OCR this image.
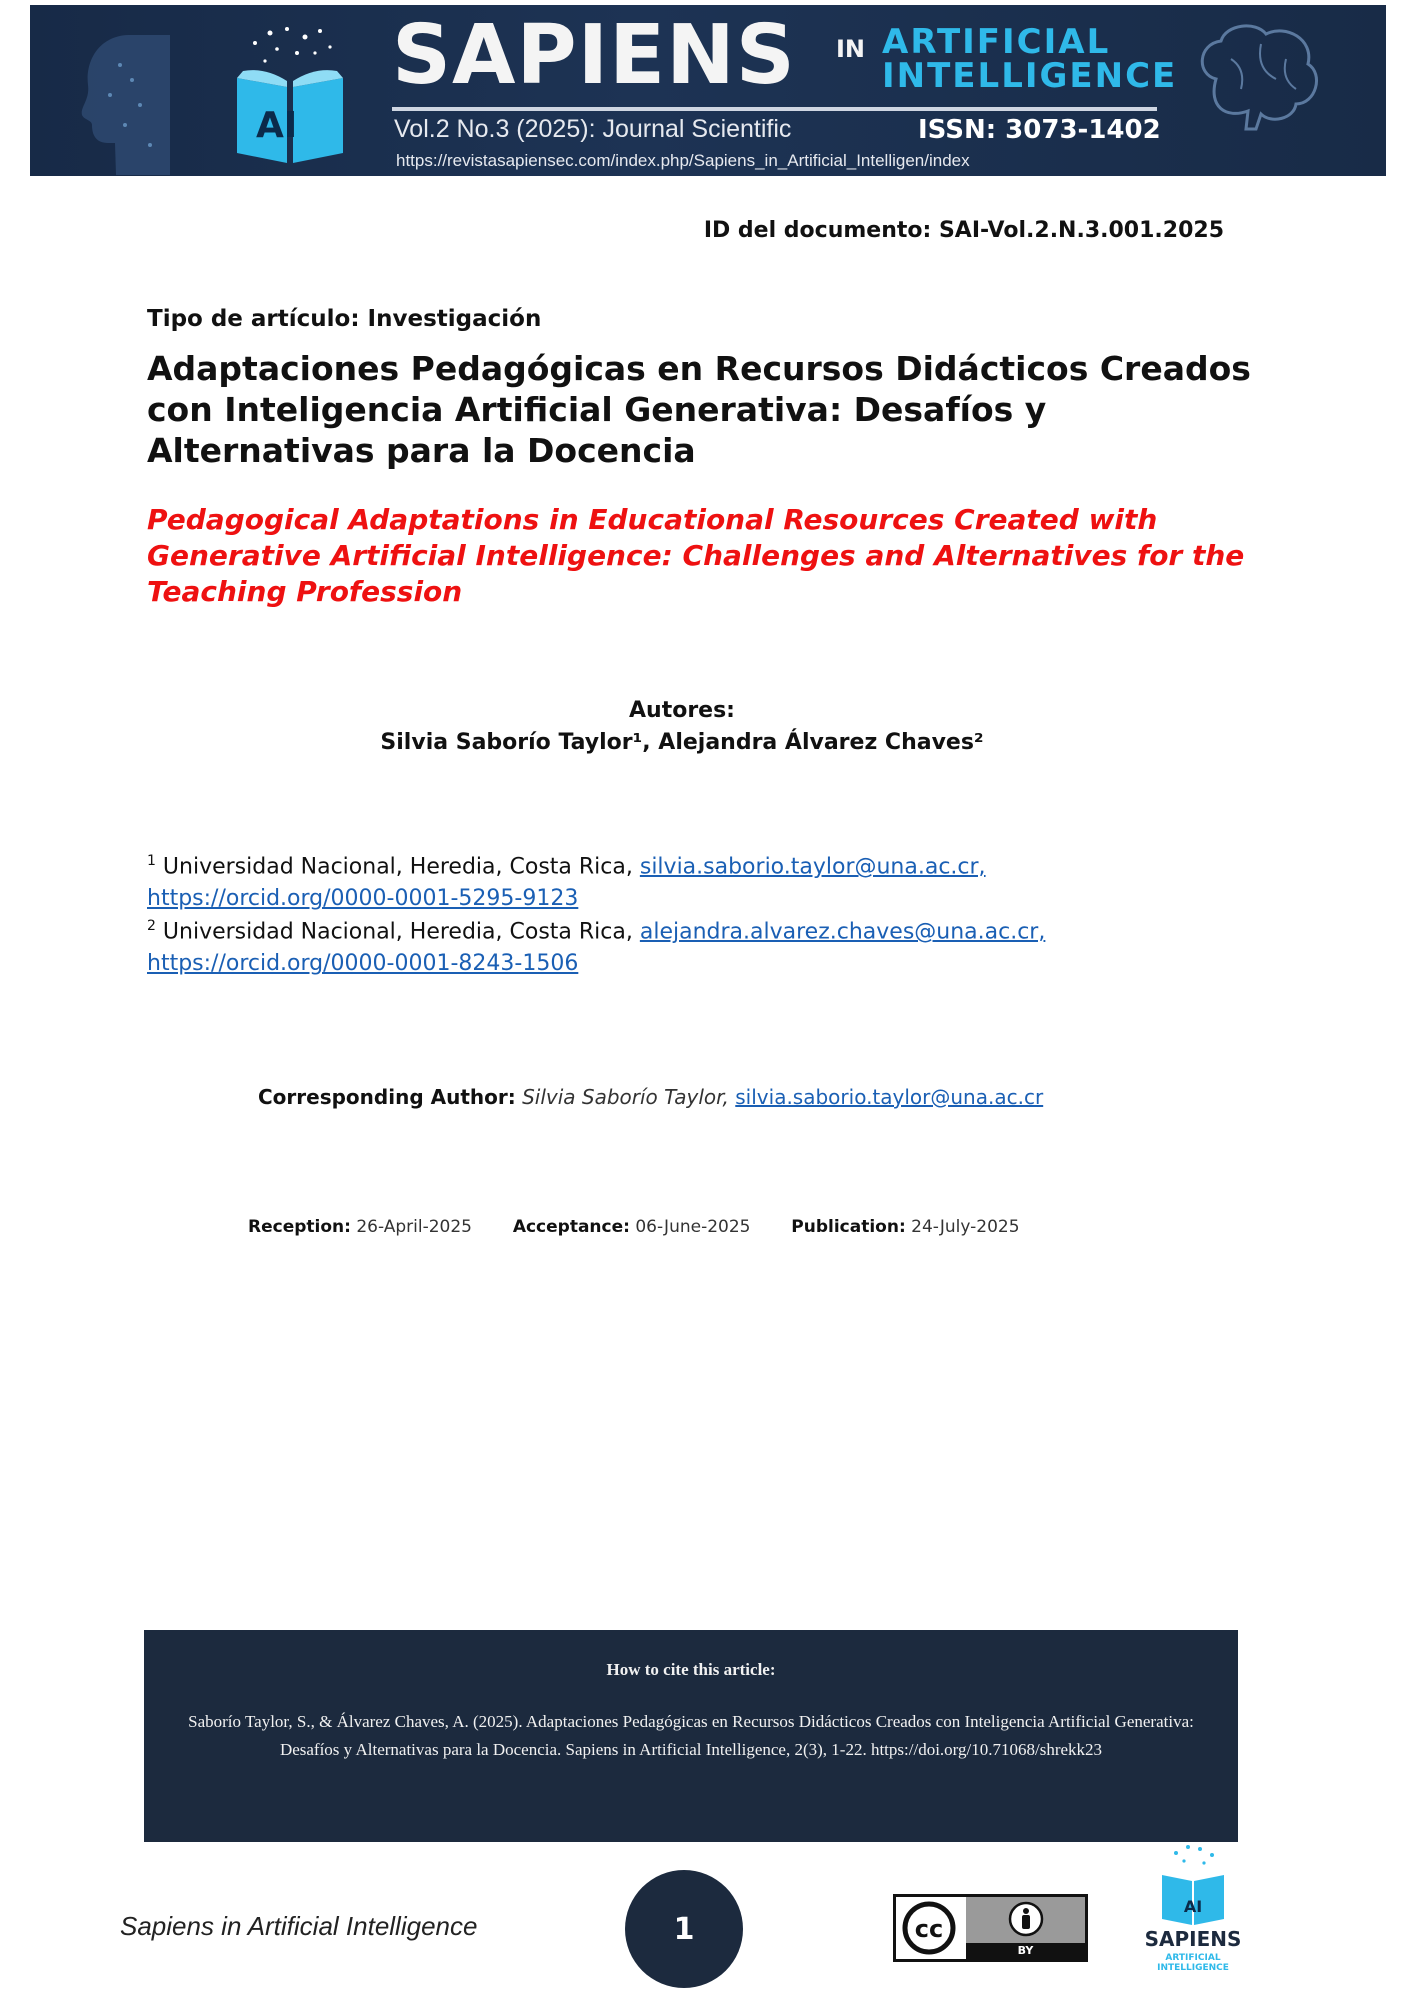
AI
SAPIENS IN ARTIFICIAL
INTELLIGENCE
Vol.2 No.3 (2025): Journal Scientific	ISSN: 3073-1402
https://revistasapiensec.com/index.php/Sapiens_in_Artificial_Intelligen/index
ID del documento: SAI-Vol.2.N.3.001.2025
Tipo de artículo: Investigación
Adaptaciones Pedagógicas en Recursos Didácticos Creados con Inteligencia Artificial Generativa: Desafíos y Alternativas para la Docencia
Pedagogical Adaptations in Educational Resources Created with Generative Artificial Intelligence: Challenges and Alternatives for the Teaching Profession
Autores:
Silvia Saborío Taylor¹, Alejandra Álvarez Chaves²
$^1$ Universidad Nacional, Heredia, Costa Rica, silvia.saborio.taylor@una.ac.cr,
https://orcid.org/0000-0001-5295-9123
$^2$ Universidad Nacional, Heredia, Costa Rica, alejandra.alvarez.chaves@una.ac.cr,
https://orcid.org/0000-0001-8243-1506
Corresponding Author: Silvia Saborío Taylor, silvia.saborio.taylor@una.ac.cr
Reception: 26-April-2025 Acceptance: 06-June-2025 Publication: 24-July-2025
How to cite this article:
Saborío Taylor, S., & Álvarez Chaves, A. (2025). Adaptaciones Pedagógicas en Recursos Didácticos Creados con Inteligencia Artificial Generativa: Desafíos y Alternativas para la Docencia. Sapiens in Artificial Intelligence, 2(3), 1-22. https://doi.org/10.71068/shrekk23
Sapiens in Artificial Intelligence	1	cc
BY
AI
SAPIENS
ARTIFICIAL INTELLIGENCE
